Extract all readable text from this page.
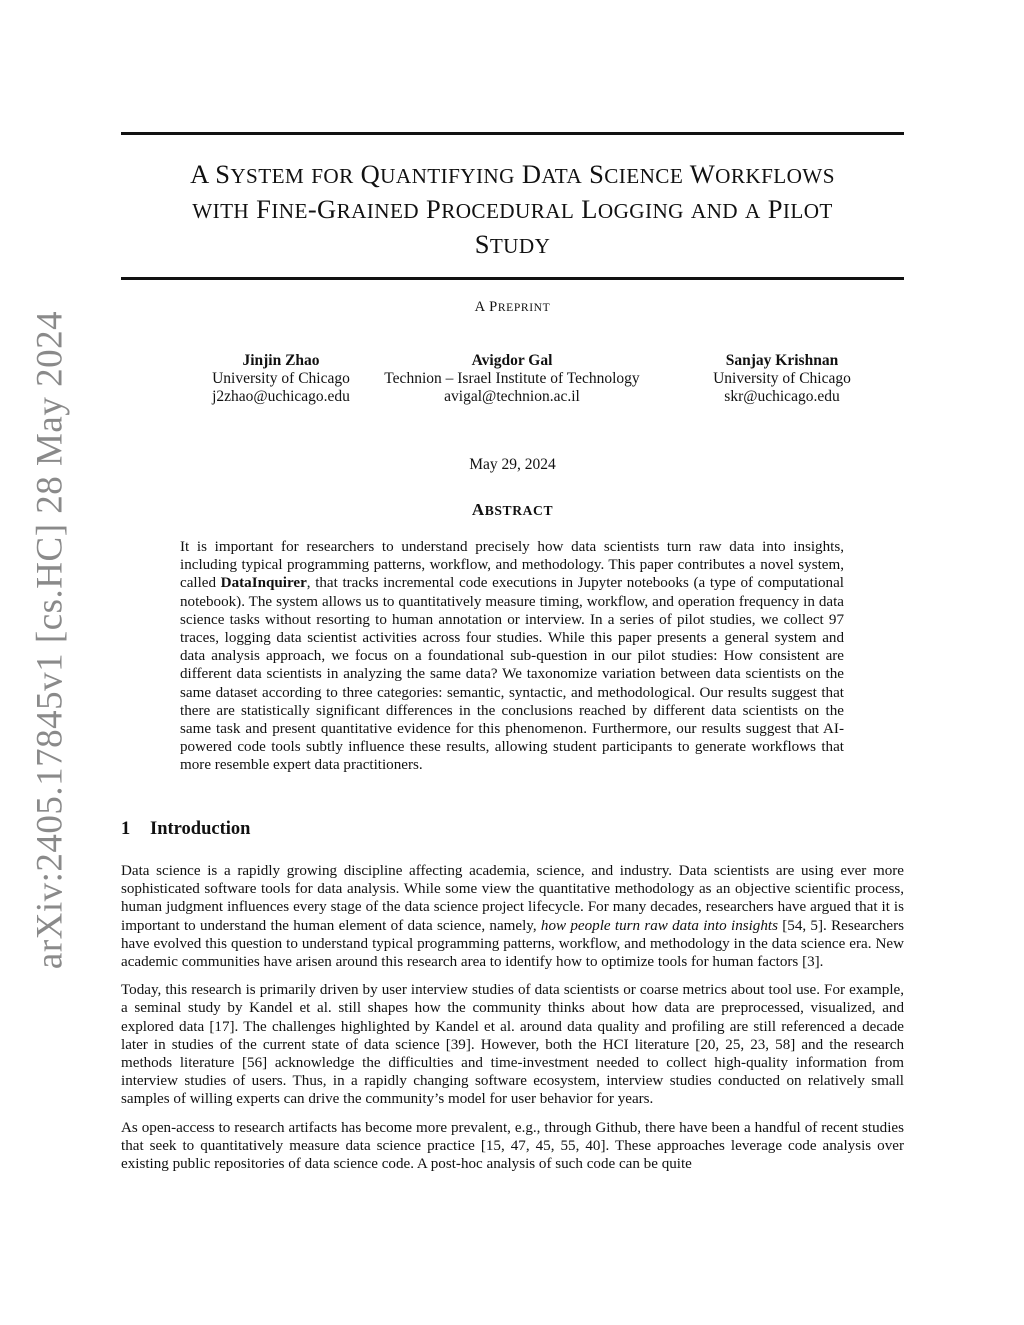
arXiv:2405.17845v1 [cs.HC] 28 May 2024
A SYSTEM FOR QUANTIFYING DATA SCIENCE WORKFLOWS
WITH FINE-GRAINED PROCEDURAL LOGGING AND A PILOT
STUDY
A PREPRINT
Jinjin Zhao
University of Chicago
j2zhao@uchicago.edu
Avigdor Gal
Technion – Israel Institute of Technology
avigal@technion.ac.il
Sanjay Krishnan
University of Chicago
skr@uchicago.edu
May 29, 2024
ABSTRACT
It is important for researchers to understand precisely how data scientists turn raw data into insights, including typical programming patterns, workflow, and methodology. This paper contributes a novel system, called DataInquirer, that tracks incremental code executions in Jupyter notebooks (a type of computational notebook). The system allows us to quantitatively measure timing, workflow, and operation frequency in data science tasks without resorting to human annotation or interview. In a series of pilot studies, we collect 97 traces, logging data scientist activities across four studies. While this paper presents a general system and data analysis approach, we focus on a foundational sub-question in our pilot studies: How consistent are different data scientists in analyzing the same data? We taxonomize variation between data scientists on the same dataset according to three categories: semantic, syntactic, and methodological. Our results suggest that there are statistically significant differences in the conclusions reached by different data scientists on the same task and present quantitative evidence for this phenomenon. Furthermore, our results suggest that AI-powered code tools subtly influence these results, allowing student participants to generate workflows that more resemble expert data practitioners.
1 Introduction

Data science is a rapidly growing discipline affecting academia, science, and industry. Data scientists are using ever more sophisticated software tools for data analysis. While some view the quantitative methodology as an objective scientific process, human judgment influences every stage of the data science project lifecycle. For many decades, researchers have argued that it is important to understand the human element of data science, namely, how people turn raw data into insights [54, 5]. Researchers have evolved this question to understand typical programming patterns, workflow, and methodology in the data science era. New academic communities have arisen around this research area to identify how to optimize tools for human factors [3].

Today, this research is primarily driven by user interview studies of data scientists or coarse metrics about tool use. For example, a seminal study by Kandel et al. still shapes how the community thinks about how data are preprocessed, visualized, and explored data [17]. The challenges highlighted by Kandel et al. around data quality and profiling are still referenced a decade later in studies of the current state of data science [39]. However, both the HCI literature [20, 25, 23, 58] and the research methods literature [56] acknowledge the difficulties and time-investment needed to collect high-quality information from interview studies of users. Thus, in a rapidly changing software ecosystem, interview studies conducted on relatively small samples of willing experts can drive the community’s model for user behavior for years.

As open-access to research artifacts has become more prevalent, e.g., through Github, there have been a handful of recent studies that seek to quantitatively measure data science practice [15, 47, 45, 55, 40]. These approaches leverage code analysis over existing public repositories of data science code. A post-hoc analysis of such code can be quite
